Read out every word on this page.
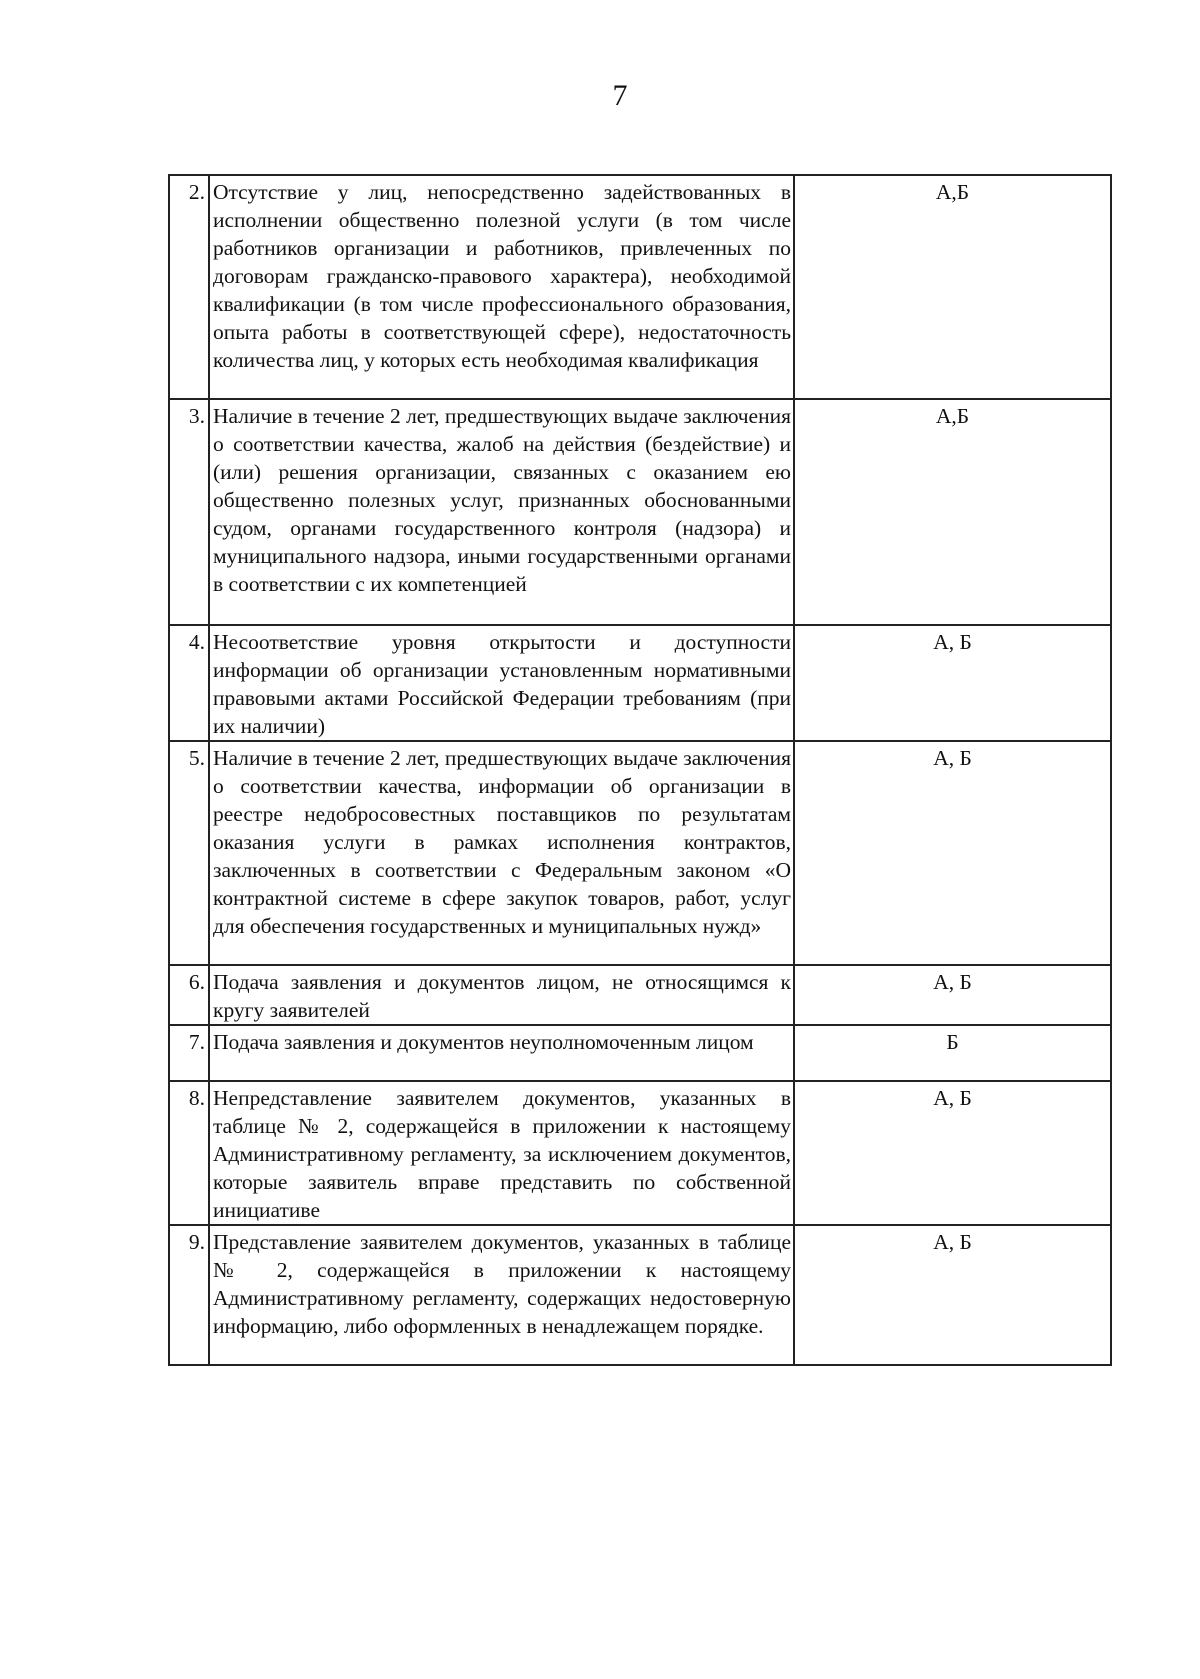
7
2.	Отсутствие у лиц, непосредственно задействованных в исполнении общественно полезной услуги (в том числе работников организации и работников, привлеченных по договорам гражданско-правового характера), необходимой квалификации (в том числе профессионального образования, опыта работы в соответствующей сфере), недостаточность количества лиц, у которых есть необходимая квалификация	А,Б
3.	Наличие в течение 2 лет, предшествующих выдаче заключения о соответствии качества, жалоб на действия (бездействие) и (или) решения организации, связанных с оказанием ею общественно полезных услуг, признанных обоснованными судом, органами государственного контроля (надзора) и муниципального надзора, иными государственными органами в соответствии с их компетенцией	А,Б
4.	Несоответствие уровня открытости и доступности информации об организации установленным нормативными правовыми актами Российской Федерации требованиям (при их наличии)	А, Б
5.	Наличие в течение 2 лет, предшествующих выдаче заключения о соответствии качества, информации об организации в реестре недобросовестных поставщиков по результатам оказания услуги в рамках исполнения контрактов, заключенных в соответствии с Федеральным законом «О контрактной системе в сфере закупок товаров, работ, услуг для обеспечения государственных и муниципальных нужд»	А, Б
6.	Подача заявления и документов лицом, не относящимся к кругу заявителей	А, Б
7.	Подача заявления и документов неуполномоченным лицом	Б
8.	Непредставление заявителем документов, указанных в таблице № 2, содержащейся в приложении к настоящему Административному регламенту, за исключением документов, которые заявитель вправе представить по собственной инициативе	А, Б
9.	Представление заявителем документов, указанных в таблице № 2, содержащейся в приложении к настоящему Административному регламенту, содержащих недостоверную информацию, либо оформленных в ненадлежащем порядке.	А, Б
